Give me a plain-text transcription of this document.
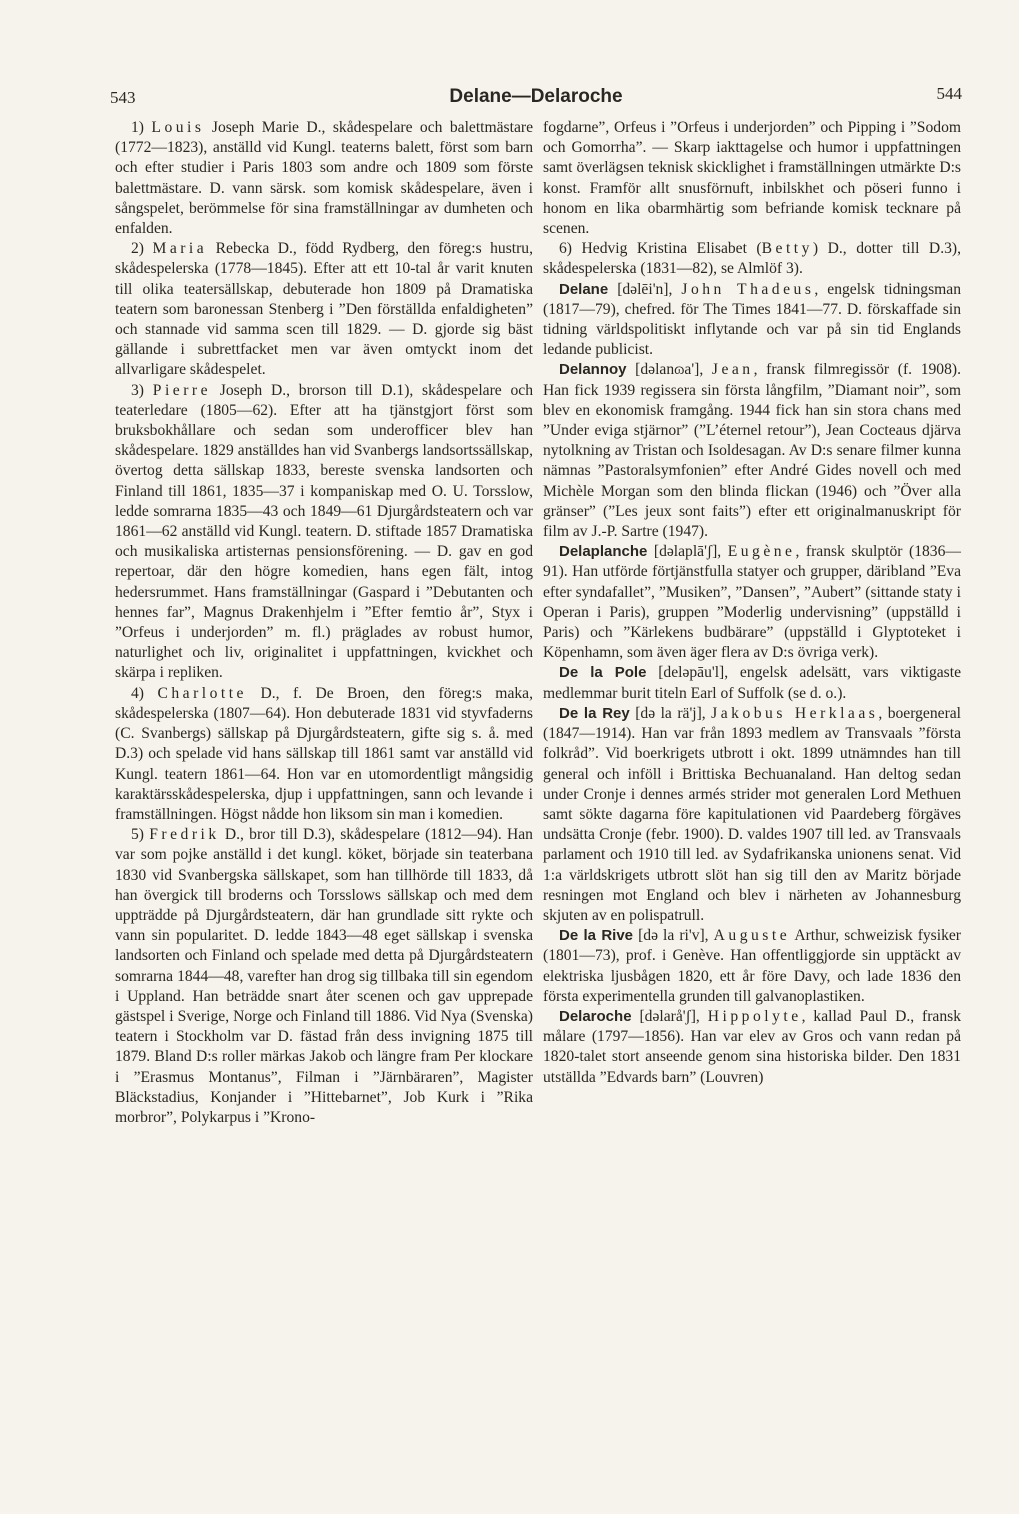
543	Delane—Delaroche	544

1) Louis Joseph Marie D., skådespelare och balettmästare (1772—1823), anställd vid Kungl. teaterns balett, först som barn och efter studier i Paris 1803 som andre och 1809 som förste balettmästare. D. vann särsk. som komisk skådespelare, även i sångspelet, berömmelse för sina framställningar av dumheten och enfalden.

2) Maria Rebecka D., född Rydberg, den föreg:s hustru, skådespelerska (1778—1845). Efter att ett 10-tal år varit knuten till olika teatersällskap, debuterade hon 1809 på Dramatiska teatern som baronessan Stenberg i ”Den förställda enfaldigheten” och stannade vid samma scen till 1829. — D. gjorde sig bäst gällande i subrettfacket men var även omtyckt inom det allvarligare skådespelet.

3) Pierre Joseph D., brorson till D.1), skådespelare och teaterledare (1805—62). Efter att ha tjänstgjort först som bruksbokhållare och sedan som underofficer blev han skådespelare. 1829 anställdes han vid Svanbergs landsortssällskap, övertog detta sällskap 1833, bereste svenska landsorten och Finland till 1861, 1835—37 i kompaniskap med O. U. Torsslow, ledde somrarna 1835—43 och 1849—61 Djurgårdsteatern och var 1861—62 anställd vid Kungl. teatern. D. stiftade 1857 Dramatiska och musikaliska artisternas pensionsförening. — D. gav en god repertoar, där den högre komedien, hans egen fält, intog hedersrummet. Hans framställningar (Gaspard i ”Debutanten och hennes far”, Magnus Drakenhjelm i ”Efter femtio år”, Styx i ”Orfeus i underjorden” m. fl.) präglades av robust humor, naturlighet och liv, originalitet i uppfattningen, kvickhet och skärpa i repliken.

4) Charlotte D., f. De Broen, den föreg:s maka, skådespelerska (1807—64). Hon debuterade 1831 vid styvfaderns (C. Svanbergs) sällskap på Djurgårdsteatern, gifte sig s. å. med D.3) och spelade vid hans sällskap till 1861 samt var anställd vid Kungl. teatern 1861—64. Hon var en utomordentligt mångsidig karaktärsskådespelerska, djup i uppfattningen, sann och levande i framställningen. Högst nådde hon liksom sin man i komedien.

5) Fredrik D., bror till D.3), skådespelare (1812—94). Han var som pojke anställd i det kungl. köket, började sin teaterbana 1830 vid Svanbergska sällskapet, som han tillhörde till 1833, då han övergick till broderns och Torsslows sällskap och med dem uppträdde på Djurgårdsteatern, där han grundlade sitt rykte och vann sin popularitet. D. ledde 1843—48 eget sällskap i svenska landsorten och Finland och spelade med detta på Djurgårdsteatern somrarna 1844—48, varefter han drog sig tillbaka till sin egendom i Uppland. Han beträdde snart åter scenen och gav upprepade gästspel i Sverige, Norge och Finland till 1886. Vid Nya (Svenska) teatern i Stockholm var D. fästad från dess invigning 1875 till 1879. Bland D:s roller märkas Jakob och längre fram Per klockare i ”Erasmus Montanus”, Filman i ”Järnbäraren”, Magister Bläckstadius, Konjander i ”Hittebarnet”, Job Kurk i ”Rika morbror”, Polykarpus i ”Krono-

fogdarne”, Orfeus i ”Orfeus i underjorden” och Pipping i ”Sodom och Gomorrha”. — Skarp iakttagelse och humor i uppfattningen samt överlägsen teknisk skicklighet i framställningen utmärkte D:s konst. Framför allt snusförnuft, inbilskhet och pöseri funno i honom en lika obarmhärtig som befriande komisk tecknare på scenen.

6) Hedvig Kristina Elisabet (Betty) D., dotter till D.3), skådespelerska (1831—82), se Almlöf 3).

Delane [dəlēi'n], John Thadeus, engelsk tidningsman (1817—79), chefred. för The Times 1841—77. D. förskaffade sin tidning världspolitiskt inflytande och var på sin tid Englands ledande publicist.

Delannoy [dəlanɷa'], Jean, fransk filmregissör (f. 1908). Han fick 1939 regissera sin första långfilm, ”Diamant noir”, som blev en ekonomisk framgång. 1944 fick han sin stora chans med ”Under eviga stjärnor” (”L’éternel retour”), Jean Cocteaus djärva nytolkning av Tristan och Isoldesagan. Av D:s senare filmer kunna nämnas ”Pastoralsymfonien” efter André Gides novell och med Michèle Morgan som den blinda flickan (1946) och ”Över alla gränser” (”Les jeux sont faits”) efter ett originalmanuskript för film av J.-P. Sartre (1947).

Delaplanche [dəlaplā'ʃ], Eugène, fransk skulptör (1836—91). Han utförde förtjänstfulla statyer och grupper, däribland ”Eva efter syndafallet”, ”Musiken”, ”Dansen”, ”Aubert” (sittande staty i Operan i Paris), gruppen ”Moderlig undervisning” (uppställd i Paris) och ”Kärlekens budbärare” (uppställd i Glyptoteket i Köpenhamn, som även äger flera av D:s övriga verk).

De la Pole [deləpāu'l], engelsk adelsätt, vars viktigaste medlemmar burit titeln Earl of Suffolk (se d. o.).

De la Rey [də la rä'j], Jakobus Herklaas, boergeneral (1847—1914). Han var från 1893 medlem av Transvaals ”första folkråd”. Vid boerkrigets utbrott i okt. 1899 utnämndes han till general och inföll i Brittiska Bechuanaland. Han deltog sedan under Cronje i dennes armés strider mot generalen Lord Methuen samt sökte dagarna före kapitulationen vid Paardeberg förgäves undsätta Cronje (febr. 1900). D. valdes 1907 till led. av Transvaals parlament och 1910 till led. av Sydafrikanska unionens senat. Vid 1:a världskrigets utbrott slöt han sig till den av Maritz började resningen mot England och blev i närheten av Johannesburg skjuten av en polispatrull.

De la Rive [də la ri'v], Auguste Arthur, schweizisk fysiker (1801—73), prof. i Genève. Han offentliggjorde sin upptäckt av elektriska ljusbågen 1820, ett år före Davy, och lade 1836 den första experimentella grunden till galvanoplastiken.

Delaroche [dəlarå'ʃ], Hippolyte, kallad Paul D., fransk målare (1797—1856). Han var elev av Gros och vann redan på 1820-talet stort anseende genom sina historiska bilder. Den 1831 utställda ”Edvards barn” (Louvren)
